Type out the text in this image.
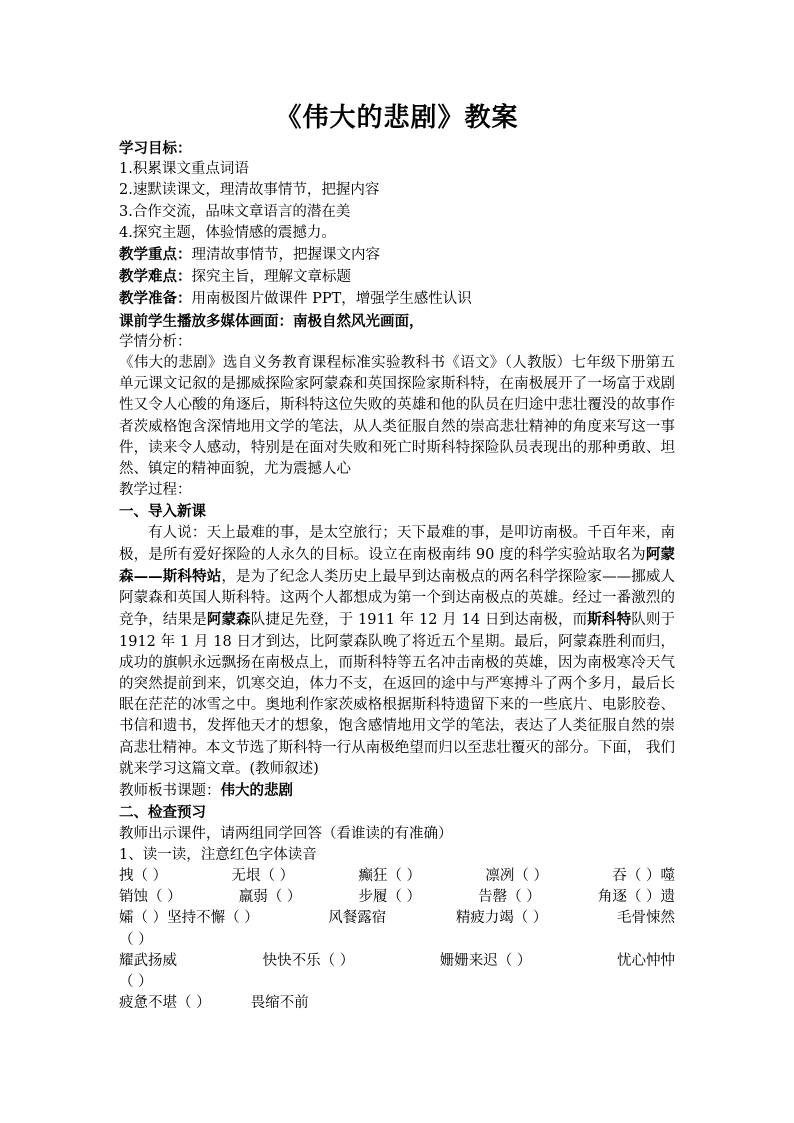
《伟大的悲剧》教案
学习目标：
1.积累课文重点词语
2.速默读课文，理清故事情节，把握内容
3.合作交流，品味文章语言的潜在美
4.探究主题，体验情感的震撼力。
教学重点：理清故事情节，把握课文内容
教学难点：探究主旨，理解文章标题
教学准备：用南极图片做课件 PPT，增强学生感性认识
课前学生播放多媒体画面：南极自然风光画面，
学情分析：
《伟大的悲剧》选自义务教育课程标准实验教科书《语文》（人教版）七年级下册第五单元课文记叙的是挪威探险家阿蒙森和英国探险家斯科特，在南极展开了一场富于戏剧性又令人心酸的角逐后，斯科特这位失败的英雄和他的队员在归途中悲壮覆没的故事作者茨威格饱含深情地用文学的笔法，从人类征服自然的崇高悲壮精神的角度来写这一事件，读来令人感动，特别是在面对失败和死亡时斯科特探险队员表现出的那种勇敢、坦然、镇定的精神面貌，尤为震撼人心
教学过程：
一、导入新课
有人说：天上最难的事，是太空旅行；天下最难的事，是叩访南极。千百年来，南极，是所有爱好探险的人永久的目标。设立在南极南纬 90 度的科学实验站取名为阿蒙森——斯科特站，是为了纪念人类历史上最早到达南极点的两名科学探险家——挪威人阿蒙森和英国人斯科特。这两个人都想成为第一个到达南极点的英雄。经过一番激烈的竞争，结果是阿蒙森队捷足先登，于 1911 年 12 月 14 日到达南极，而斯科特队则于 1912 年 1 月 18 日才到达，比阿蒙森队晚了将近五个星期。最后，阿蒙森胜利而归，成功的旗帜永远飘扬在南极点上，而斯科特等五名冲击南极的英雄，因为南极寒冷天气的突然提前到来，饥寒交迫，体力不支，在返回的途中与严寒搏斗了两个多月，最后长眠在茫茫的冰雪之中。奥地利作家茨威格根据斯科特遗留下来的一些底片、电影胶卷、书信和遗书，发挥他天才的想象，饱含感情地用文学的笔法，表达了人类征服自然的崇高悲壮精神。本文节选了斯科特一行从南极绝望而归以至悲壮覆灭的部分。下面， 我们就来学习这篇文章。(教师叙述)
教师板书课题：伟大的悲剧
二、检查预习
教师出示课件，请两组同学回答（看谁读的有准确）
1、读一读，注意红色字体读音
拽（ ）	无垠（ ）	癫狂（ ）	凛冽（ ）	吞（ ）噬
销蚀（ ）	羸弱（ ）	步履（ ）	告罄（ ）	角逐（ ）遗
孀（ ）坚持不懈（ ）	风餐露宿	精疲力竭（ ）	毛骨悚然
（ ）
耀武扬威	快快不乐（ ）	姗姗来迟（ ）	忧心忡忡
（ ）
疲惫不堪（ ）	畏缩不前
